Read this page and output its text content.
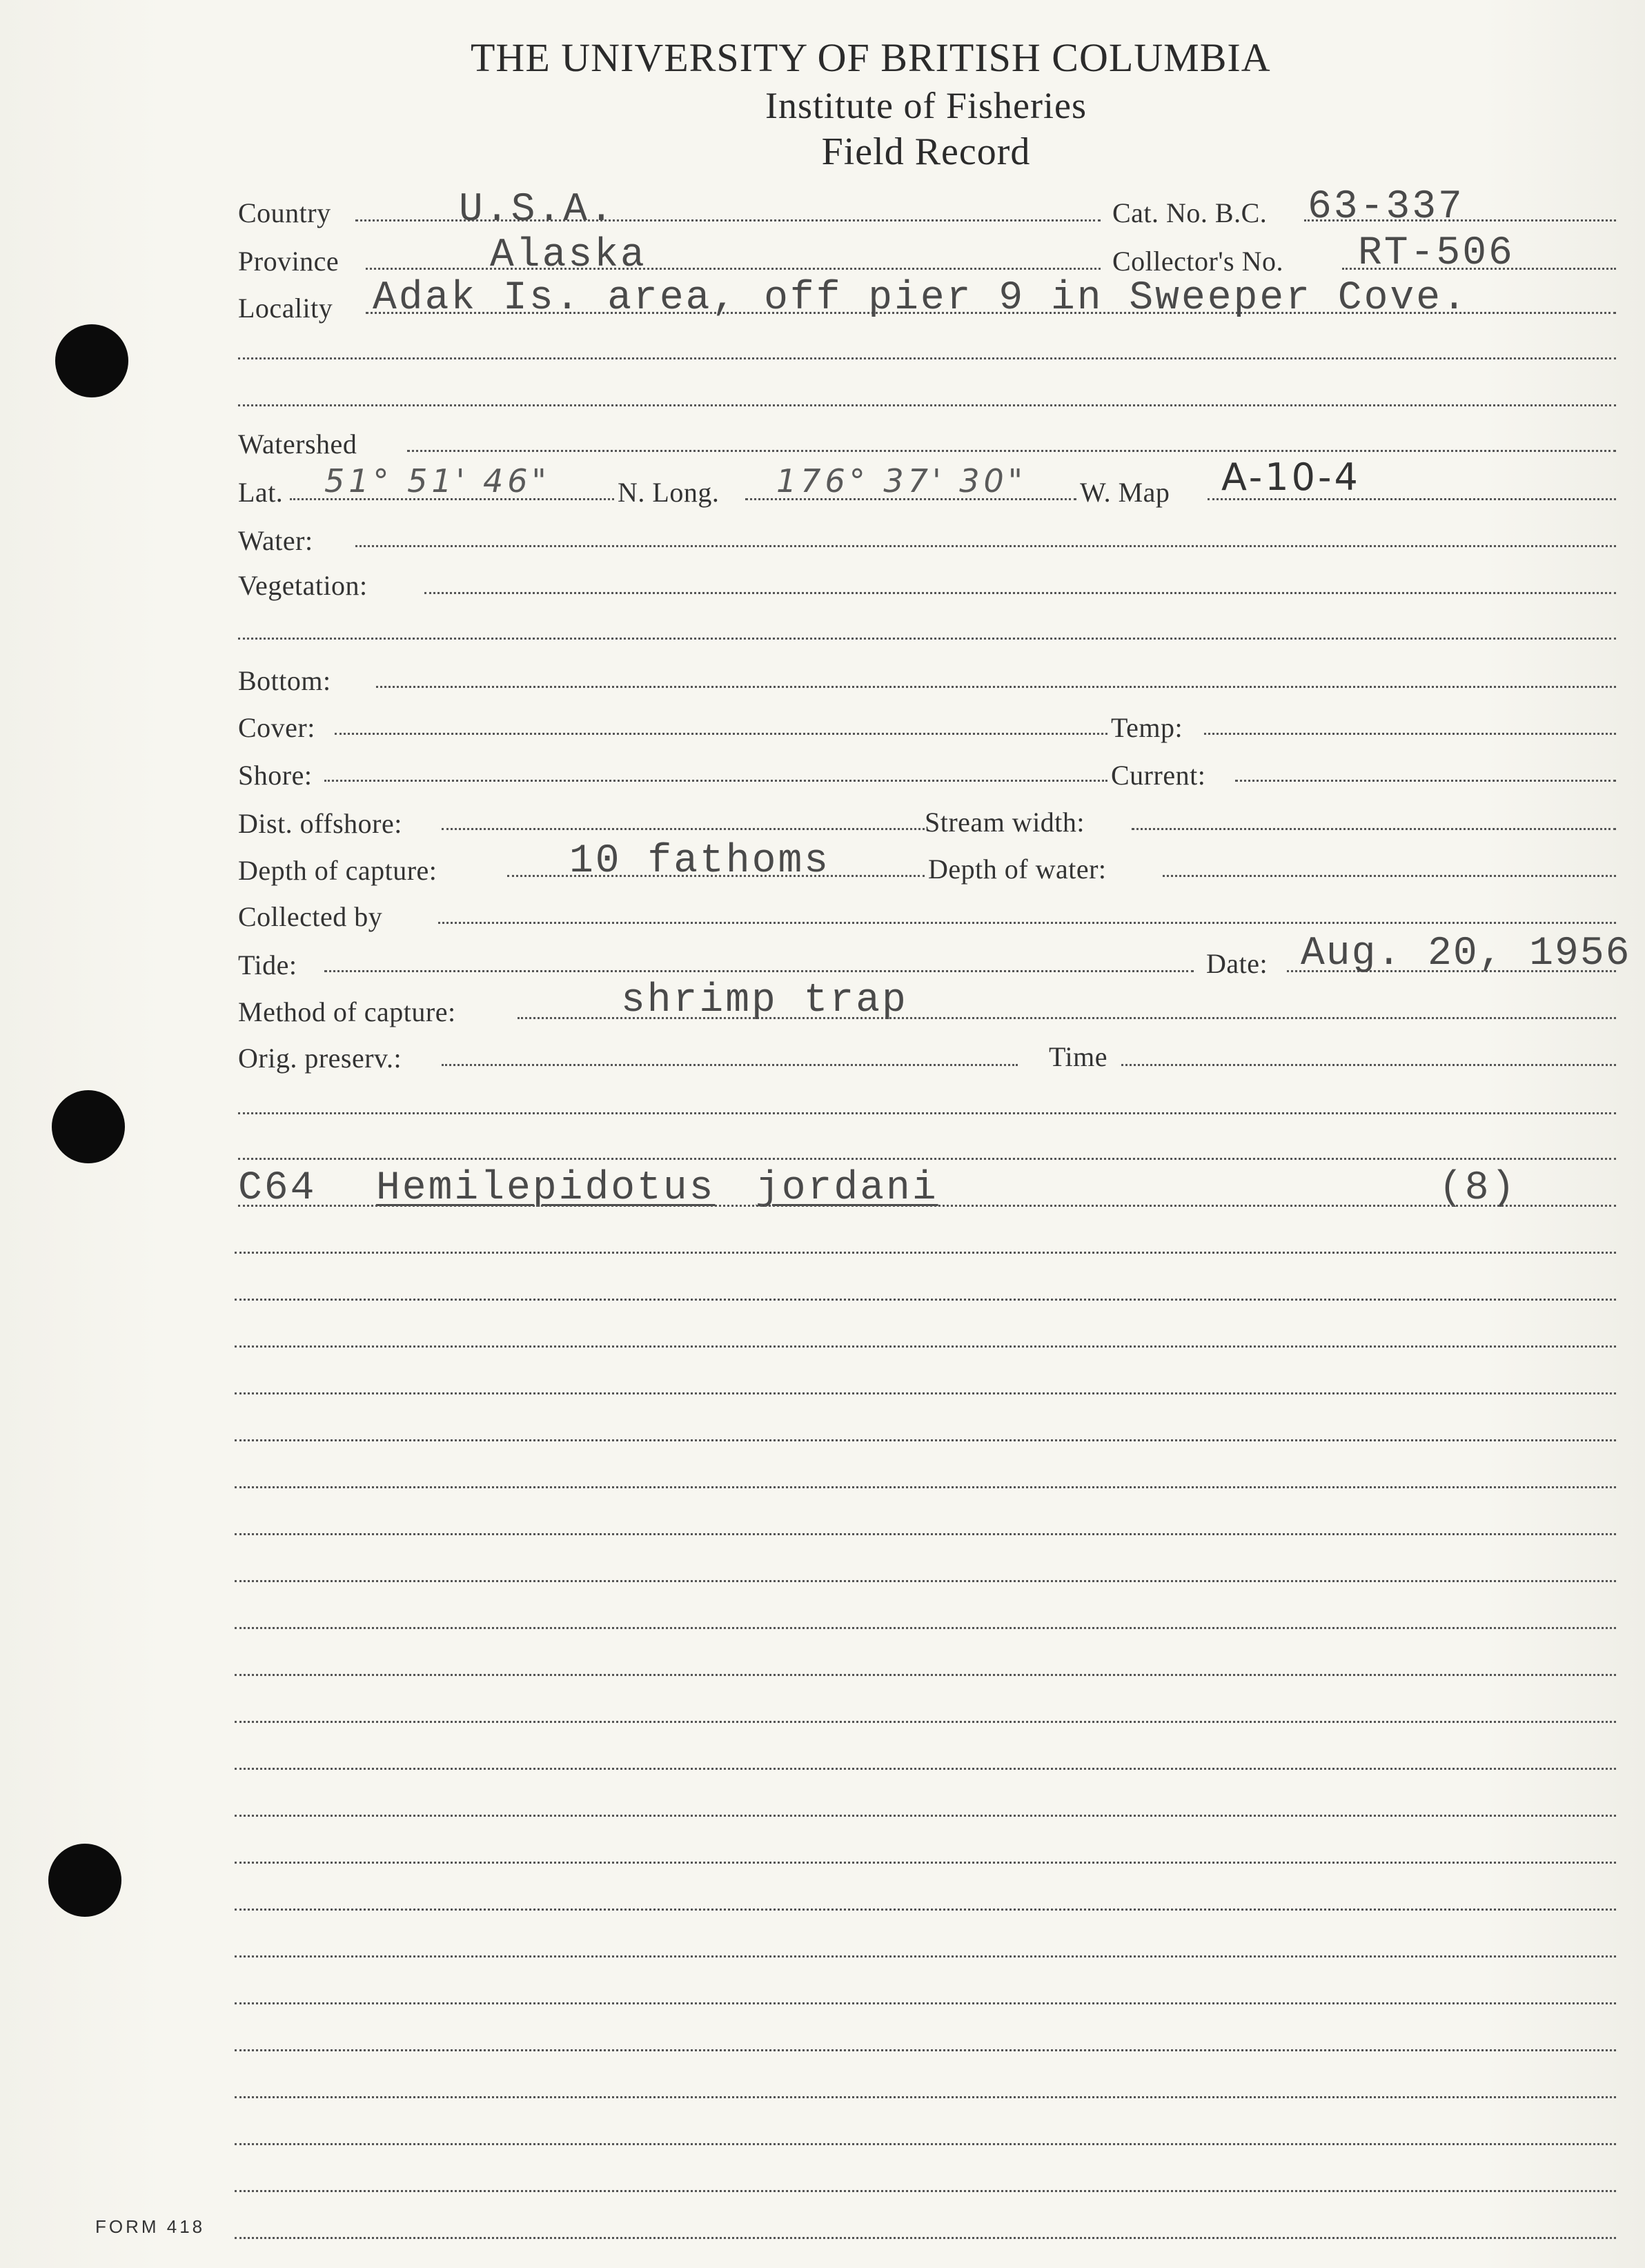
THE UNIVERSITY OF BRITISH COLUMBIA
Institute of Fisheries
Field Record
Country	U.S.A.	Cat. No. B.C. 63-337
Province	Alaska	Collector's No. RT-506
Locality Adak Is. area, off pier 9 in Sweeper Cove.
Watershed
Lat. 51° 51' 46" N. Long. 176° 37' 30" W. Map A-10-4
Water:
Vegetation:
Bottom:
Cover:	Temp:
Shore:	Current:
Dist. offshore:	Stream width:
Depth of capture:	10 fathoms	Depth of water:
Collected by
Tide:	Date: Aug. 20, 1956
Method of capture:	shrimp trap
Orig. preserv.:	Time
C64 Hemilepidotus jordani	(8)
FORM 418
